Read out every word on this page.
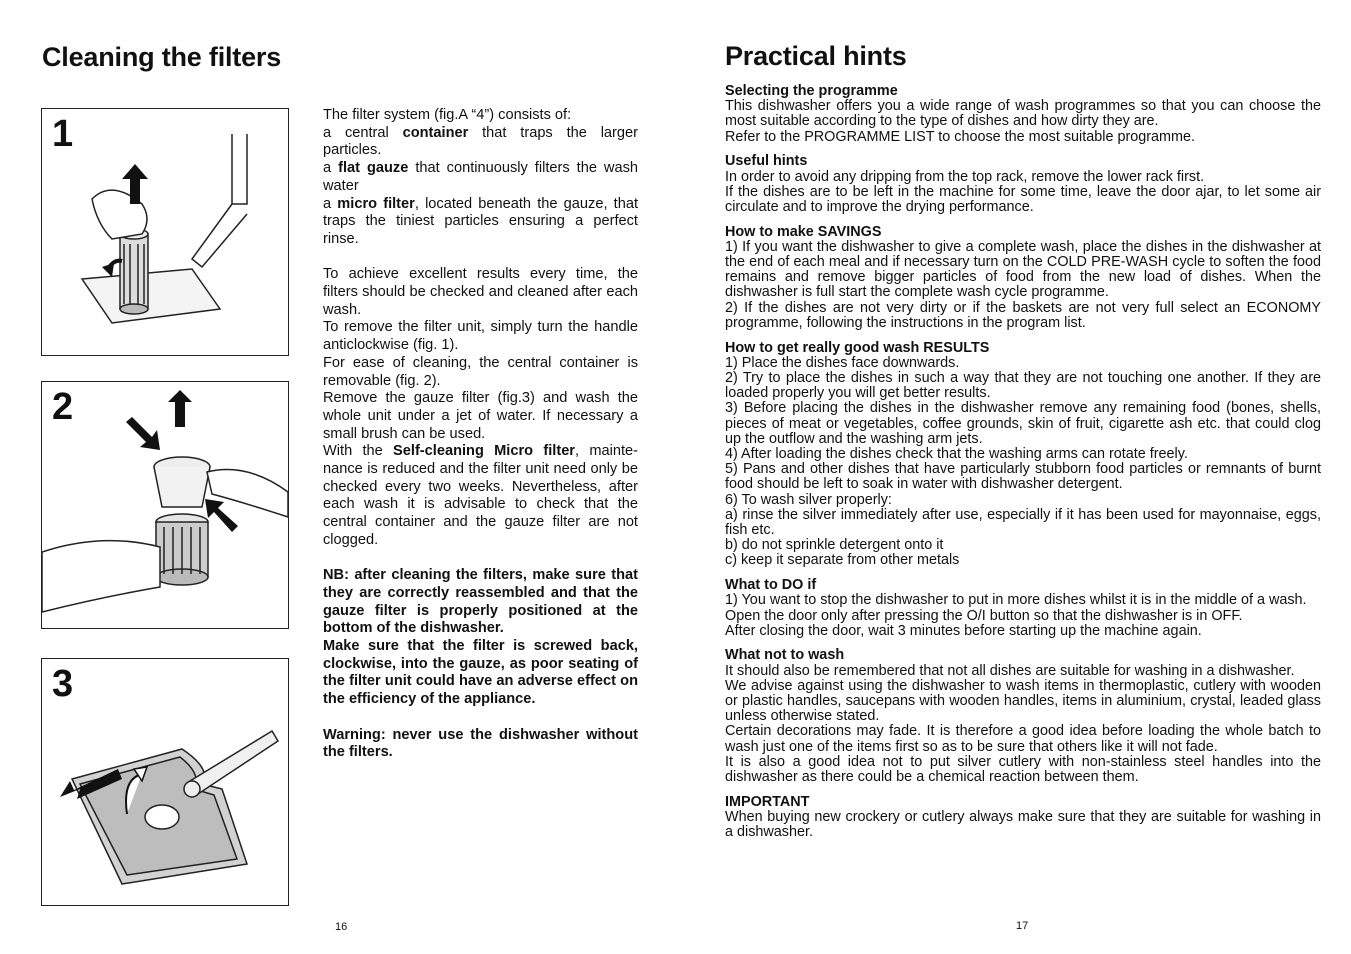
Cleaning the filters
1
2
3

The filter system (fig.A “4”) consists of:

a central container that traps the larger particles.

a flat gauze that continuously filters the wash water

a micro filter, located beneath the gauze, that traps the tiniest particles ensuring a perfect rinse.

To achieve excellent results every time, the filters should be checked and cleaned after each wash.

To remove the filter unit, simply turn the handle anticlockwise (fig. 1).

For ease of cleaning, the central container is removable (fig. 2).

Remove the gauze filter (fig.3) and wash the whole unit under a jet of water. If necessary a small brush can be used.

With the Self-cleaning Micro filter, mainte-nance is reduced and the filter unit need only be checked every two weeks. Nevertheless, after each wash it is advisable to check that the central container and the gauze filter are not clogged.

NB: after cleaning the filters, make sure that they are correctly reassembled and that the gauze filter is properly positioned at the bottom of the dishwasher.

Make sure that the filter is screwed back, clockwise, into the gauze, as poor seating of the filter unit could have an adverse effect on the efficiency of the appliance.

Warning: never use the dishwasher without the filters.

16
Practical hints
Selecting the programme

This dishwasher offers you a wide range of wash programmes so that you can choose the most suitable according to the type of dishes and how dirty they are.

Refer to the PROGRAMME LIST to choose the most suitable programme.

Useful hints

In order to avoid any dripping from the top rack, remove the lower rack first.

If the dishes are to be left in the machine for some time, leave the door ajar, to let some air circulate and to improve the drying performance.

How to make SAVINGS

1) If you want the dishwasher to give a complete wash, place the dishes in the dishwasher at the end of each meal and if necessary turn on the COLD PRE-WASH cycle to soften the food remains and remove bigger particles of food from the new load of dishes. When the dishwasher is full start the complete wash cycle programme.

2) If the dishes are not very dirty or if the baskets are not very full select an ECONOMY programme, following the instructions in the program list.

How to get really good wash RESULTS

1) Place the dishes face downwards.

2) Try to place the dishes in such a way that they are not touching one another. If they are loaded properly you will get better results.

3) Before placing the dishes in the dishwasher remove any remaining food (bones, shells, pieces of meat or vegetables, coffee grounds, skin of fruit, cigarette ash etc. that could clog up the outflow and the washing arm jets.

4) After loading the dishes check that the washing arms can rotate freely.

5) Pans and other dishes that have particularly stubborn food particles or remnants of burnt food should be left to soak in water with dishwasher detergent.

6) To wash silver properly:

a) rinse the silver immediately after use, especially if it has been used for mayonnaise, eggs, fish etc.

b) do not sprinkle detergent onto it

c) keep it separate from other metals

What to DO if

1) You want to stop the dishwasher to put in more dishes whilst it is in the middle of a wash.

Open the door only after pressing the O/I button so that the dishwasher is in OFF.

After closing the door, wait 3 minutes before starting up the machine again.

What not to wash

It should also be remembered that not all dishes are suitable for washing in a dishwasher.

We advise against using the dishwasher to wash items in thermoplastic, cutlery with wooden or plastic handles, saucepans with wooden handles, items in aluminium, crystal, leaded glass unless otherwise stated.

Certain decorations may fade. It is therefore a good idea before loading the whole batch to wash just one of the items first so as to be sure that others like it will not fade.

It is also a good idea not to put silver cutlery with non-stainless steel handles into the dishwasher as there could be a chemical reaction between them.

IMPORTANT

When buying new crockery or cutlery always make sure that they are suitable for washing in a dishwasher.

17
